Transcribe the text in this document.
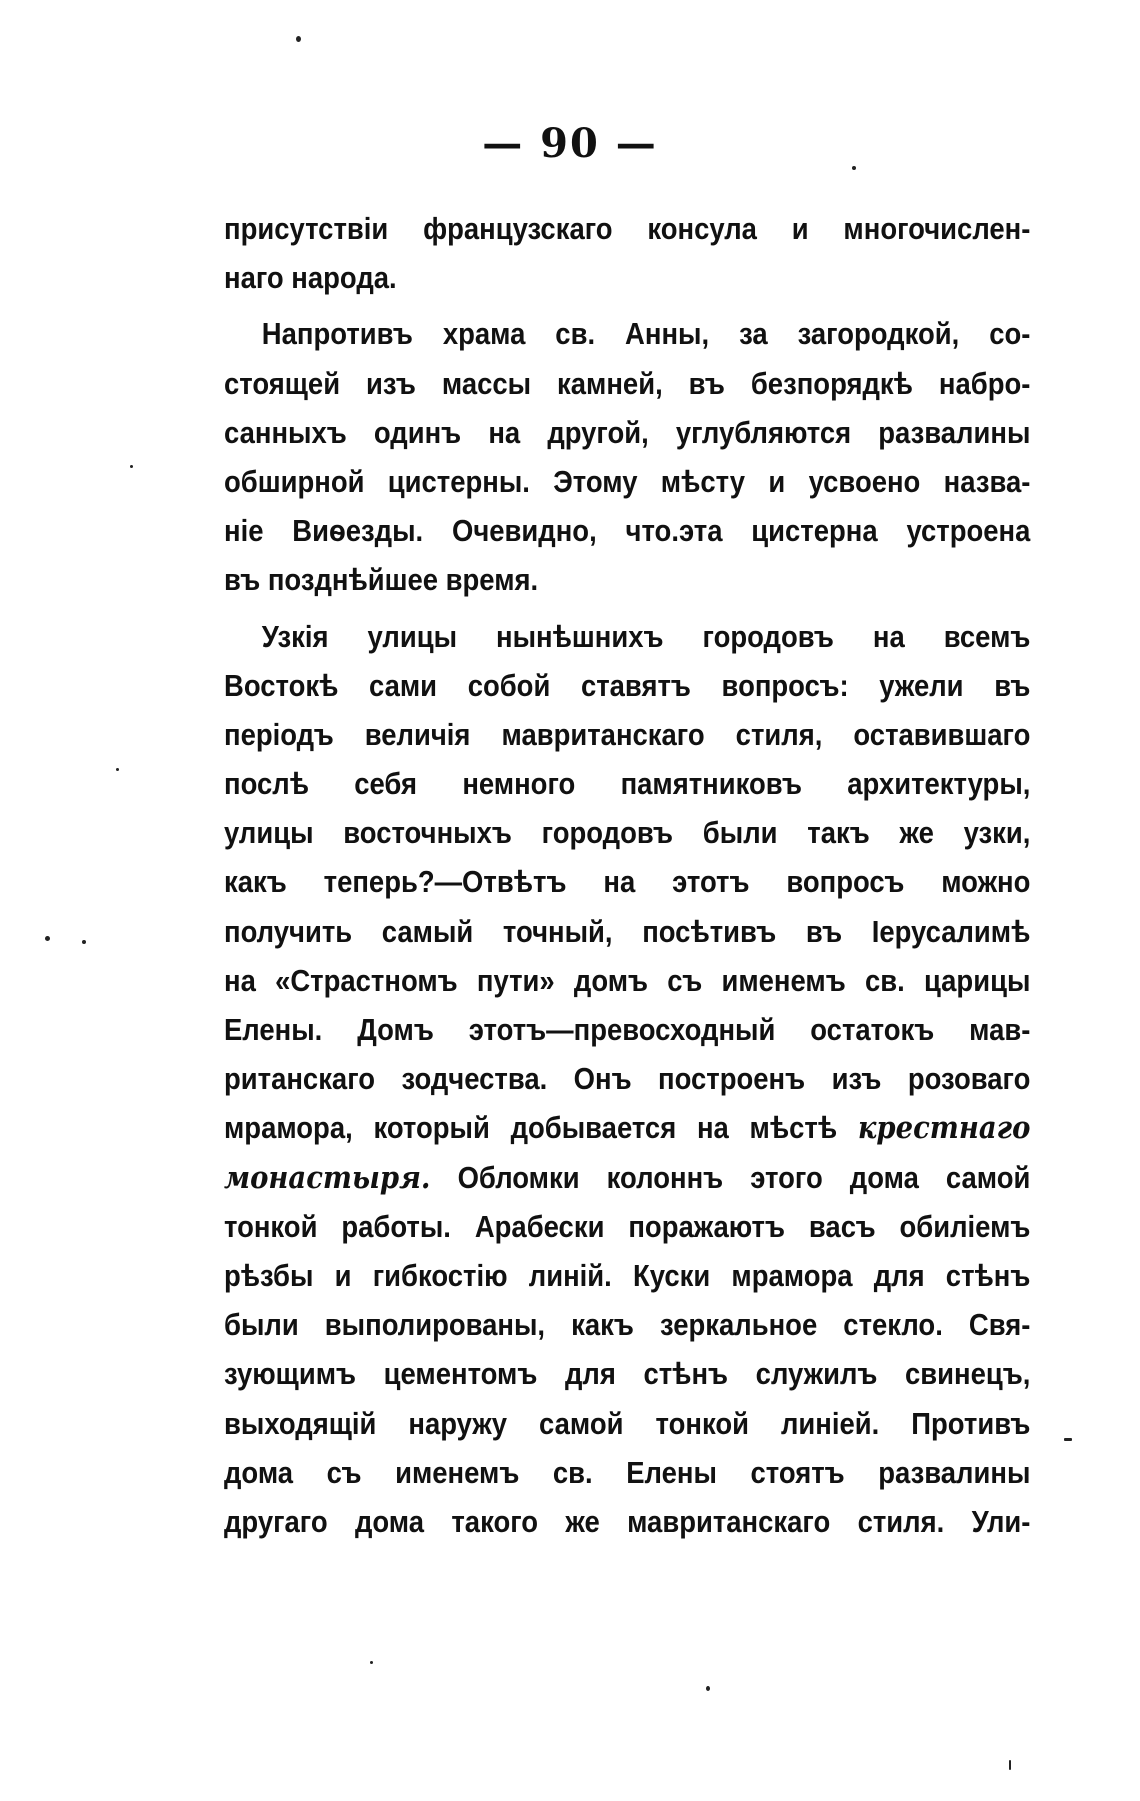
— 90 —
присутствіи французскаго консула и многочислен-
наго народа.
Напротивъ храма св. Анны, за загородкой, со-
стоящей изъ массы камней, въ безпорядкѣ набро-
санныхъ одинъ на другой, углубляются развалины
обширной цистерны. Этому мѣсту и усвоено назва-
ніе Виѳезды. Очевидно, что.эта цистерна устроена
въ позднѣйшее время.
Узкія улицы нынѣшнихъ городовъ на всемъ
Востокѣ сами собой ставятъ вопросъ: ужели въ
періодъ величія мавританскаго стиля, оставившаго
послѣ себя немного памятниковъ архитектуры,
улицы восточныхъ городовъ были такъ же узки,
какъ теперь?—Отвѣтъ на этотъ вопросъ можно
получить самый точный, посѣтивъ въ Іерусалимѣ
на «Страстномъ пути» домъ съ именемъ св. царицы
Елены. Домъ этотъ—превосходный остатокъ мав-
ританскаго зодчества. Онъ построенъ изъ розоваго
мрамора, который добывается на мѣстѣ крестнаго
монастыря. Обломки колоннъ этого дома самой
тонкой работы. Арабески поражаютъ васъ обиліемъ
рѣзбы и гибкостію линій. Куски мрамора для стѣнъ
были выполированы, какъ зеркальное стекло. Свя-
зующимъ цементомъ для стѣнъ служилъ свинецъ,
выходящій наружу самой тонкой линіей. Противъ
дома съ именемъ св. Елены стоятъ развалины
другаго дома такого же мавританскаго стиля. Ули-
